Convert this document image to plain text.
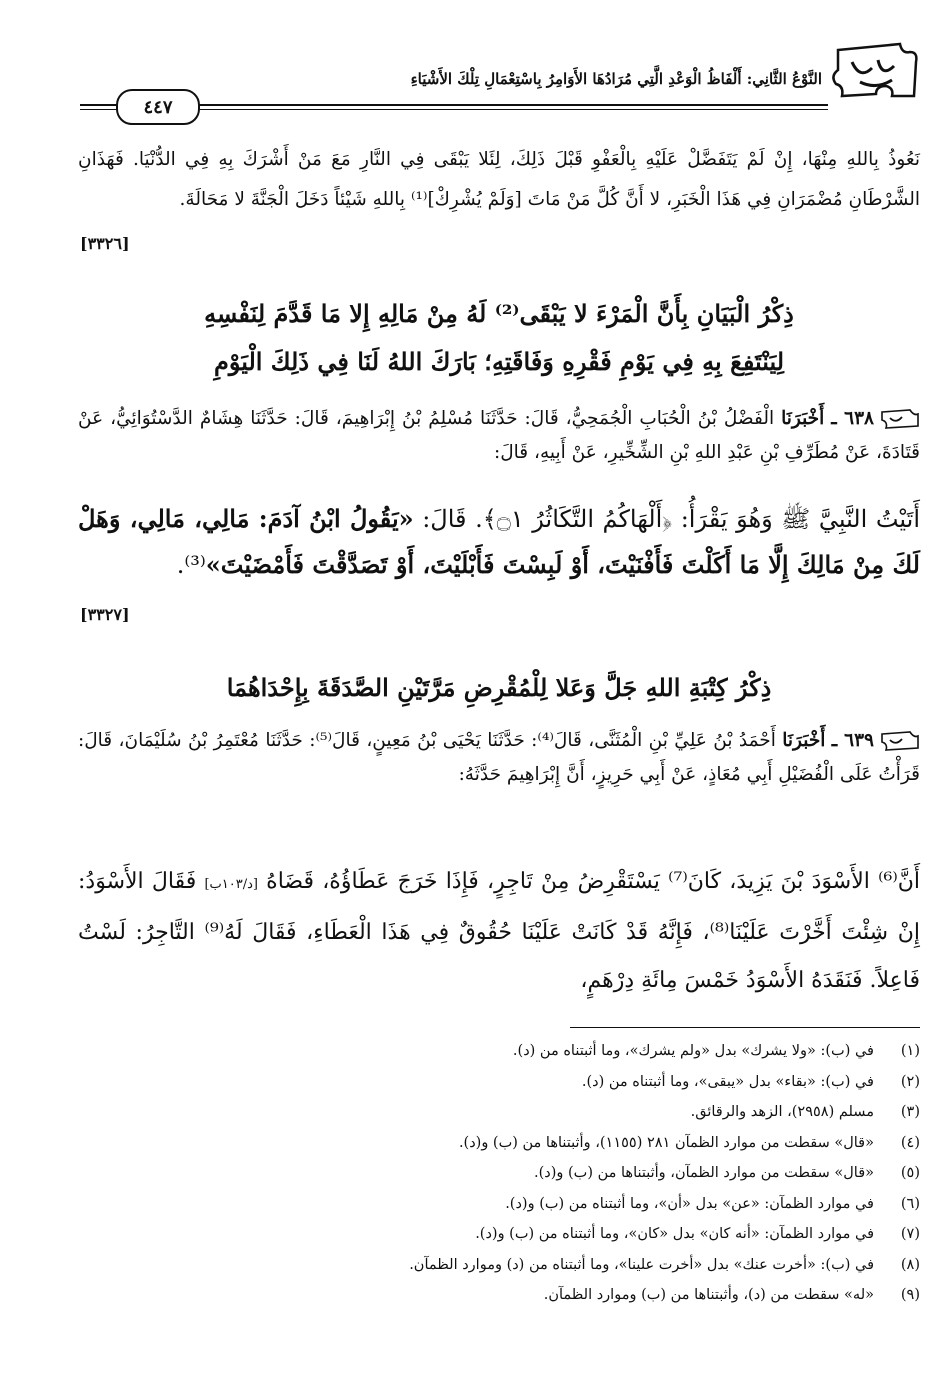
النَّوْعُ الثَّانِي: أَلْفَاظُ الْوَعْدِ الَّتِي مُرَادُهَا الأَوَامِرُ بِاسْتِعْمَالِ تِلْكَ الأَشْيَاءِ
٤٤٧
نَعُوذُ بِاللهِ مِنْهَا، إِنْ لَمْ يَتَفَضَّلْ عَلَيْهِ بِالْعَفْوِ قَبْلَ ذَلِكَ، لِئَلا يَبْقَى فِي النَّارِ مَعَ مَنْ أَشْرَكَ بِهِ فِي الدُّنْيَا. فَهَذَانِ الشَّرْطَانِ مُضْمَرَانِ فِي هَذَا الْخَبَرِ، لا أَنَّ كُلَّ مَنْ مَاتَ [وَلَمْ يُشْرِكْ]⁽¹⁾ بِاللهِ شَيْئاً دَخَلَ الْجَنَّةَ لا مَحَالَةَ.
[٣٣٢٦]
ذِكْرُ الْبَيَانِ بِأَنَّ الْمَرْءَ لا يَبْقَى⁽²⁾ لَهُ مِنْ مَالِهِ إِلا مَا قَدَّمَ لِنَفْسِهِ
لِيَنْتَفِعَ بِهِ فِي يَوْمِ فَقْرِهِ وَفَاقَتِهِ؛ بَارَكَ اللهُ لَنَا فِي ذَلِكَ الْيَوْمِ
٦٣٨ ـ أَخْبَرَنَا الْفَضْلُ بْنُ الْحُبَابِ الْجُمَحِيُّ، قَالَ: حَدَّثَنَا مُسْلِمُ بْنُ إِبْرَاهِيمَ، قَالَ: حَدَّثَنَا هِشَامٌ الدَّسْتُوَائِيُّ، عَنْ قَتَادَةَ، عَنْ مُطَرِّفِ بْنِ عَبْدِ اللهِ بْنِ الشِّخِّيرِ، عَنْ أَبِيهِ، قَالَ:
أَتَيْتُ النَّبِيَّ ﷺ وَهُوَ يَقْرَأُ: ﴿أَلْهَاكُمُ التَّكَاثُرُ ۝١﴾. قَالَ: «يَقُولُ ابْنُ آدَمَ: مَالِي، مَالِي، وَهَلْ لَكَ مِنْ مَالِكَ إِلَّا مَا أَكَلْتَ فَأَفْنَيْتَ، أَوْ لَبِسْتَ فَأَبْلَيْتَ، أَوْ تَصَدَّقْتَ فَأَمْضَيْتَ»⁽³⁾.
[٣٣٢٧]
ذِكْرُ كِتْبَةِ اللهِ جَلَّ وَعَلا لِلْمُقْرِضِ مَرَّتَيْنِ الصَّدَقَةَ بِإِحْدَاهُمَا
٦٣٩ ـ أَخْبَرَنَا أَحْمَدُ بْنُ عَلِيِّ بْنِ الْمُثَنَّى، قَالَ⁽⁴⁾: حَدَّثَنَا يَحْيَى بْنُ مَعِينٍ، قَالَ⁽⁵⁾: حَدَّثَنَا مُعْتَمِرُ بْنُ سُلَيْمَانَ، قَالَ: قَرَأْتُ عَلَى الْفُضَيْلِ أَبِي مُعَاذٍ، عَنْ أَبِي حَرِيزٍ، أَنَّ إِبْرَاهِيمَ حَدَّثَهُ:
أَنَّ⁽⁶⁾ الأَسْوَدَ بْنَ يَزِيدَ، كَانَ⁽⁷⁾ يَسْتَقْرِضُ مِنْ تَاجِرٍ، فَإِذَا خَرَجَ عَطَاؤُهُ، قَضَاهُ [د/١٠٣ب] فَقَالَ الأَسْوَدُ: إِنْ شِئْتَ أَخَّرْتَ عَلَيْنَا⁽⁸⁾، فَإِنَّهُ قَدْ كَانَتْ عَلَيْنَا حُقُوقٌ فِي هَذَا الْعَطَاءِ، فَقَالَ لَهُ⁽⁹⁾ التَّاجِرُ: لَسْتُ فَاعِلاً. فَنَقَدَهُ الأَسْوَدُ خَمْسَ مِائَةِ دِرْهَمٍ،
(١)
في (ب): «ولا يشرك» بدل «ولم يشرك»، وما أثبتناه من (د).
(٢)
في (ب): «بقاء» بدل «يبقى»، وما أثبتناه من (د).
(٣)
مسلم (٢٩٥٨)، الزهد والرقائق.
(٤)
«قال» سقطت من موارد الظمآن ٢٨١ (١١٥٥)، وأثبتناها من (ب) و(د).
(٥)
«قال» سقطت من موارد الظمآن، وأثبتناها من (ب) و(د).
(٦)
في موارد الظمآن: «عن» بدل «أن»، وما أثبتناه من (ب) و(د).
(٧)
في موارد الظمآن: «أنه كان» بدل «كان»، وما أثبتناه من (ب) و(د).
(٨)
في (ب): «أخرت عنك» بدل «أخرت علينا»، وما أثبتناه من (د) وموارد الظمآن.
(٩)
«له» سقطت من (د)، وأثبتناها من (ب) وموارد الظمآن.
